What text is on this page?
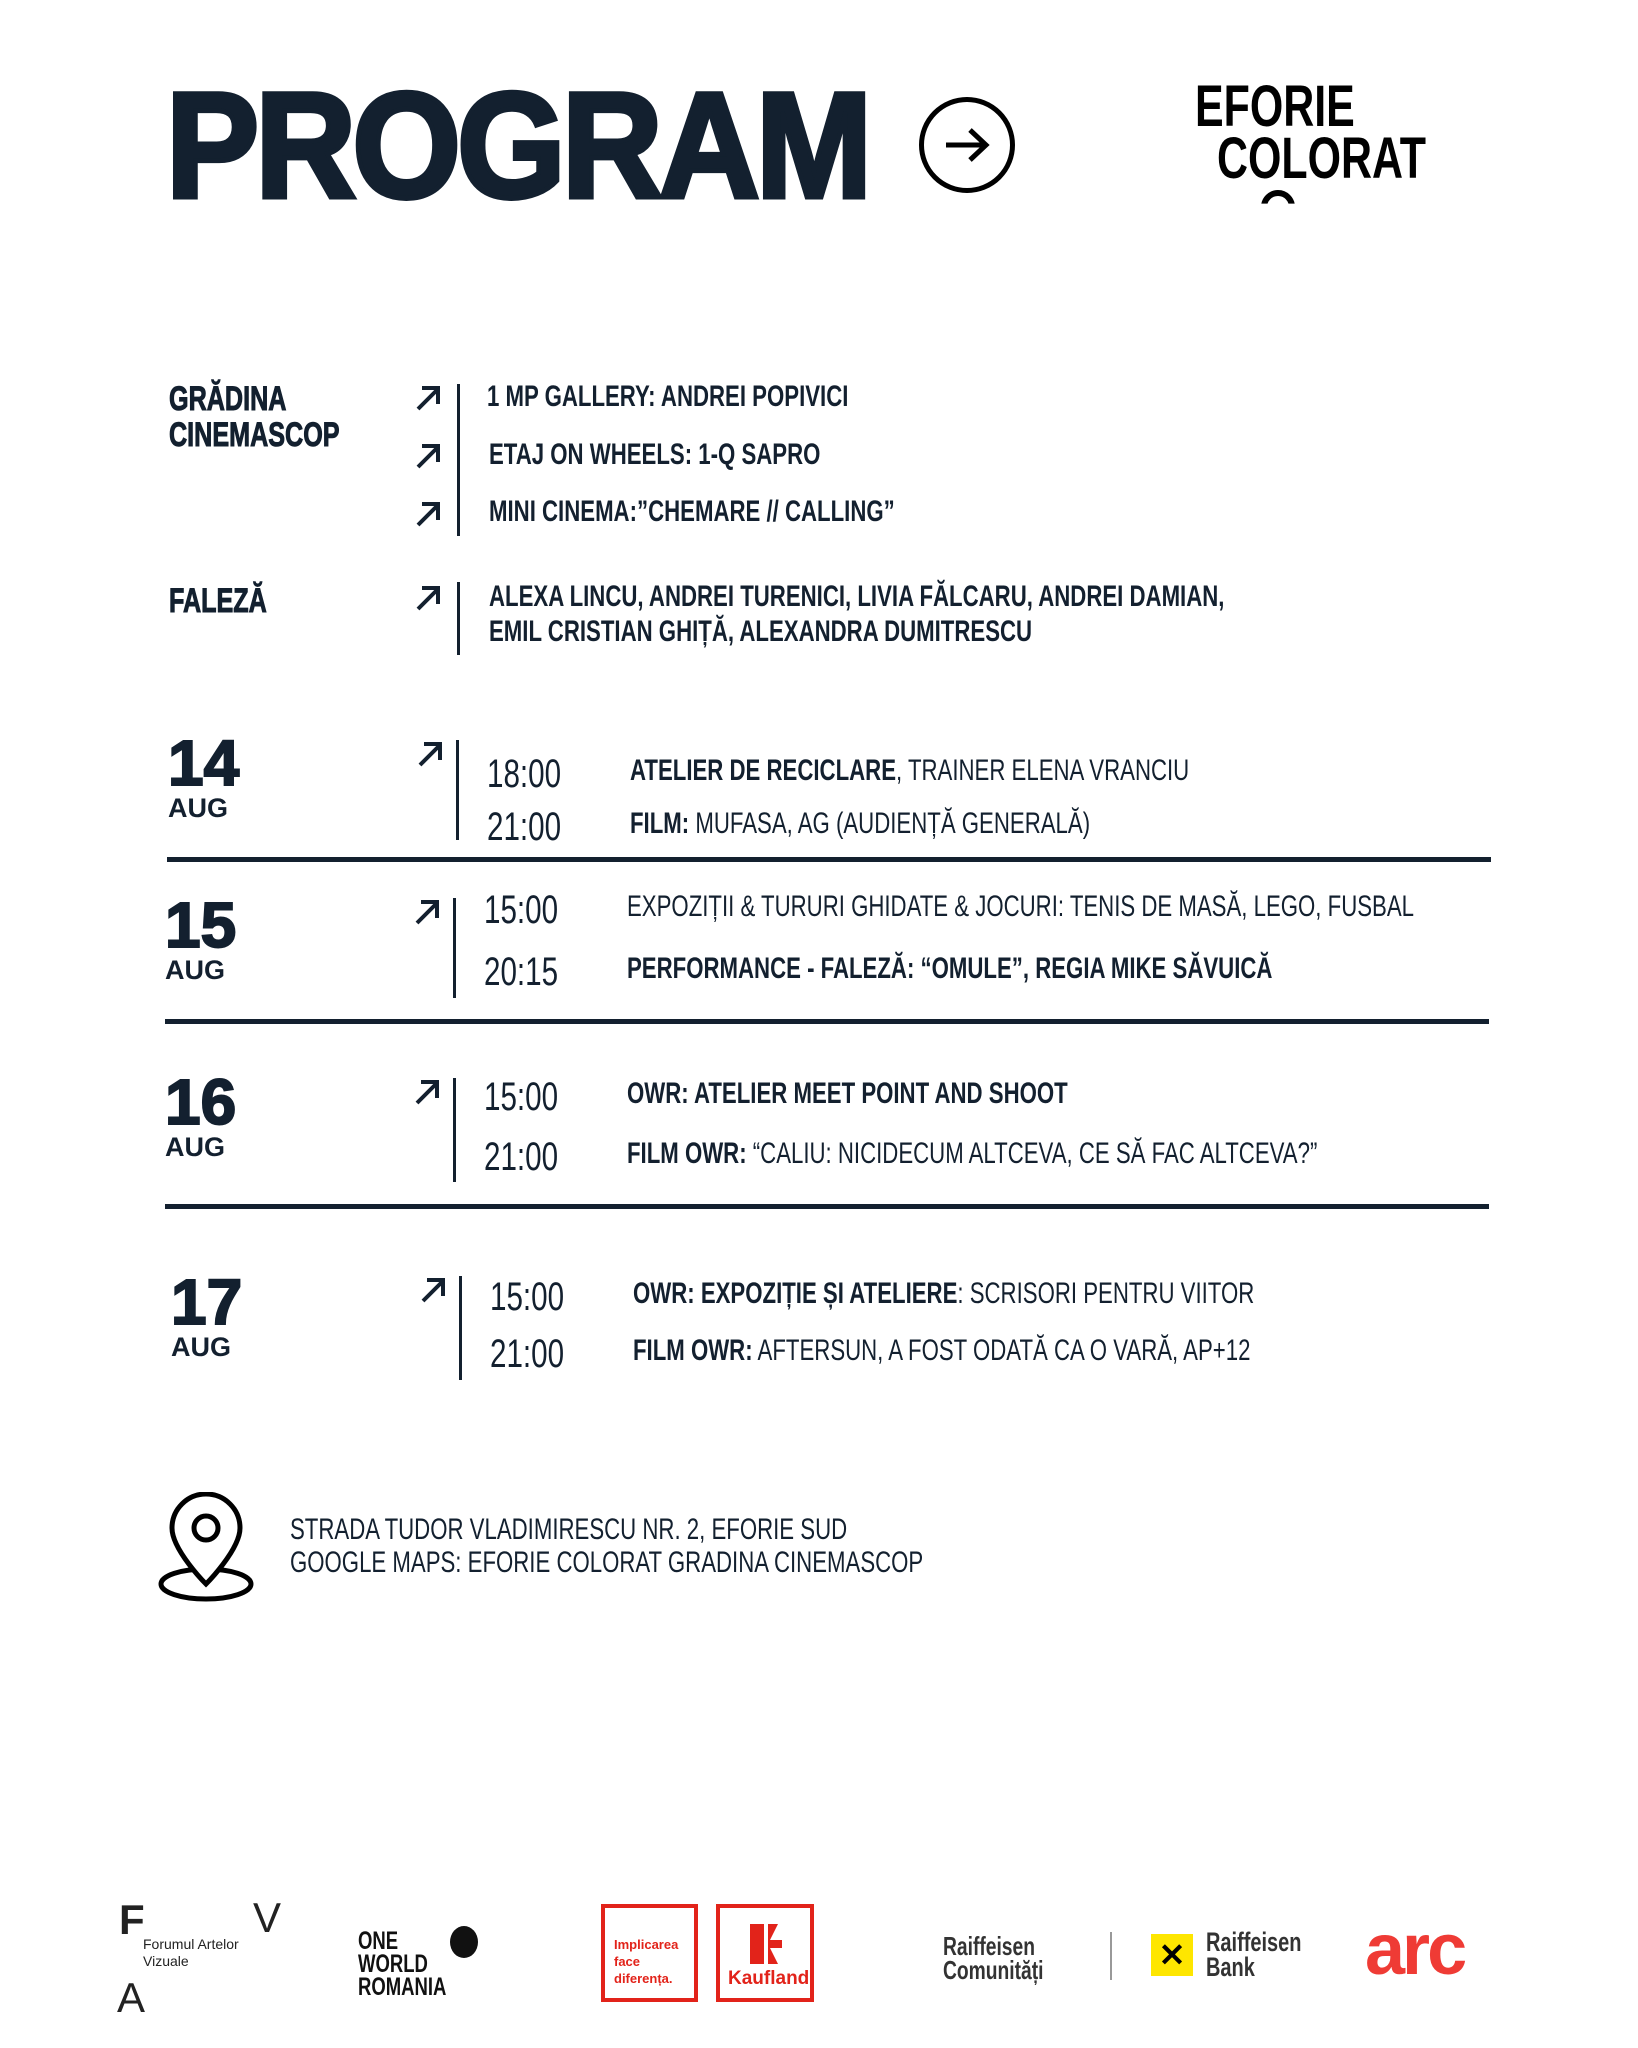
PROGRAM	EFORIE
COLORAT
GRĂDINA
CINEMASCOP
1 MP GALLERY: ANDREI POPIVICI
ETAJ ON WHEELS: 1-Q SAPRO
MINI CINEMA:”CHEMARE // CALLING”
FALEZĂ	ALEXA LINCU, ANDREI TURENICI, LIVIA FĂLCARU, ANDREI DAMIAN,
EMIL CRISTIAN GHIȚĂ, ALEXANDRA DUMITRESCU
14
AUG
18:00	ATELIER DE RECICLARE, TRAINER ELENA VRANCIU
21:00	FILM: MUFASA, AG (AUDIENȚĂ GENERALĂ)
15
AUG
15:00	EXPOZIȚII & TURURI GHIDATE & JOCURI: TENIS DE MASĂ, LEGO, FUSBAL
20:15	PERFORMANCE - FALEZĂ: “OMULE”, REGIA MIKE SĂVUICĂ
16
AUG
15:00	OWR: ATELIER MEET POINT AND SHOOT
21:00	FILM OWR: “CALIU: NICIDECUM ALTCEVA, CE SĂ FAC ALTCEVA?”
17
AUG
15:00	OWR: EXPOZIȚIE ȘI ATELIERE: SCRISORI PENTRU VIITOR
21:00	FILM OWR: AFTERSUN, A FOST ODATĂ CA O VARĂ, AP+12
STRADA TUDOR VLADIMIRESCU NR. 2, EFORIE SUD
GOOGLE MAPS: EFORIE COLORAT GRADINA CINEMASCOP
F	V
A
Forumul Artelor Vizuale
ONE
WORLD
ROMANIA
Implicarea
face
diferența.	Kaufland
Raiffeisen
Comunități	✕ Raiffeisen
Bank	arc
